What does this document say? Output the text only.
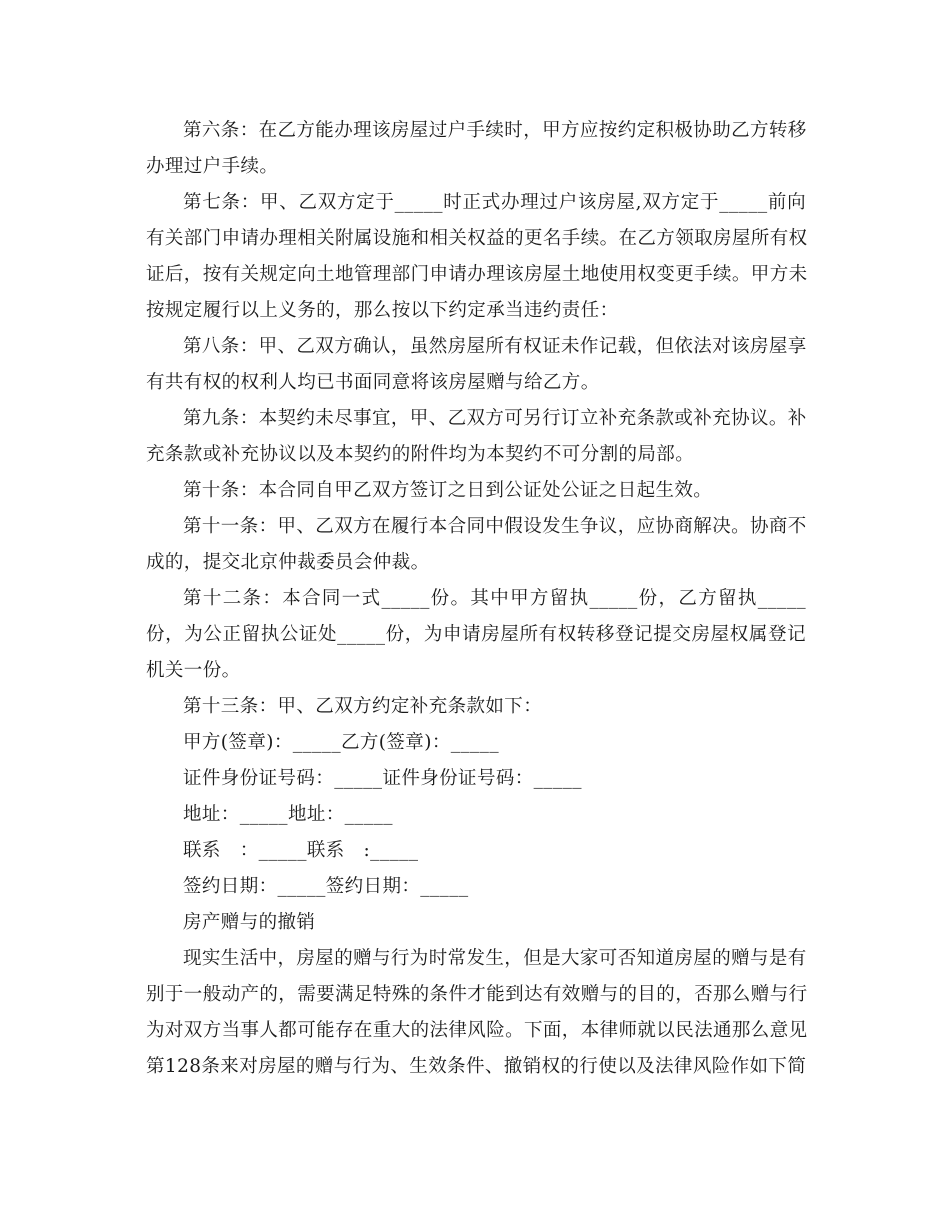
第六条：在乙方能办理该房屋过户手续时，甲方应按约定积极协助乙方转移
办理过户手续。
第七条：甲、乙双方定于_____时正式办理过户该房屋,双方定于_____前向
有关部门申请办理相关附属设施和相关权益的更名手续。在乙方领取房屋所有权
证后，按有关规定向土地管理部门申请办理该房屋土地使用权变更手续。甲方未
按规定履行以上义务的，那么按以下约定承当违约责任：
第八条：甲、乙双方确认，虽然房屋所有权证未作记载，但依法对该房屋享
有共有权的权利人均已书面同意将该房屋赠与给乙方。
第九条：本契约未尽事宜，甲、乙双方可另行订立补充条款或补充协议。补
充条款或补充协议以及本契约的附件均为本契约不可分割的局部。
第十条：本合同自甲乙双方签订之日到公证处公证之日起生效。
第十一条：甲、乙双方在履行本合同中假设发生争议，应协商解决。协商不
成的，提交北京仲裁委员会仲裁。
第十二条：本合同一式_____份。其中甲方留执_____份，乙方留执_____
份，为公正留执公证处_____份，为申请房屋所有权转移登记提交房屋权属登记
机关一份。
第十三条：甲、乙双方约定补充条款如下：
甲方(签章)：_____乙方(签章)：_____
证件身份证号码：_____证件身份证号码：_____
地址：_____地址：_____
联系　：_____联系　:_____
签约日期：_____签约日期：_____
房产赠与的撤销
现实生活中，房屋的赠与行为时常发生，但是大家可否知道房屋的赠与是有
别于一般动产的，需要满足特殊的条件才能到达有效赠与的目的，否那么赠与行
为对双方当事人都可能存在重大的法律风险。下面，本律师就以民法通那么意见
第128条来对房屋的赠与行为、生效条件、撤销权的行使以及法律风险作如下简
